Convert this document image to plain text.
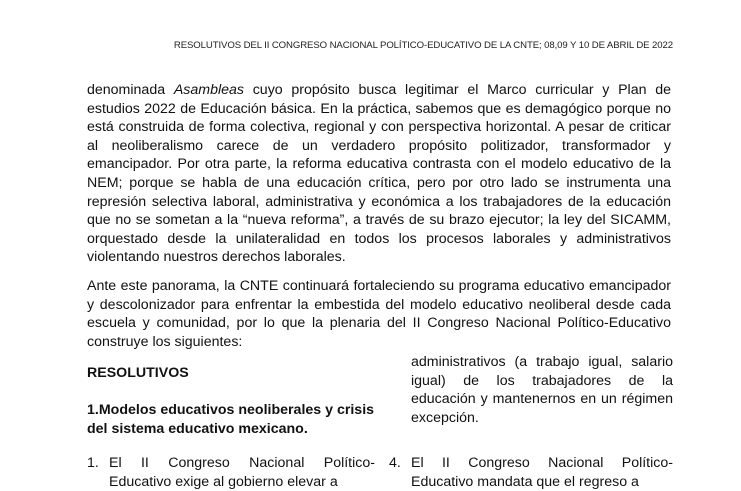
RESOLUTIVOS DEL II CONGRESO NACIONAL POLÍTICO-EDUCATIVO DE LA CNTE; 08,09 Y 10 DE ABRIL DE 2022

denominada Asambleas cuyo propósito busca legitimar el Marco curricular y Plan de estudios 2022 de Educación básica. En la práctica, sabemos que es demagógico porque no está construida de forma colectiva, regional y con perspectiva horizontal. A pesar de criticar al neoliberalismo carece de un verdadero propósito politizador, transformador y emancipador. Por otra parte, la reforma educativa contrasta con el modelo educativo de la NEM; porque se habla de una educación crítica, pero por otro lado se instrumenta una represión selectiva laboral, administrativa y económica a los trabajadores de la educación que no se sometan a la “nueva reforma”, a través de su brazo ejecutor; la ley del SICAMM, orquestado desde la unilateralidad en todos los procesos laborales y administrativos violentando nuestros derechos laborales.

Ante este panorama, la CNTE continuará fortaleciendo su programa educativo emancipador y descolonizador para enfrentar la embestida del modelo educativo neoliberal desde cada escuela y comunidad, por lo que la plenaria del II Congreso Nacional Político-Educativo construye los siguientes:

RESOLUTIVOS

1.Modelos educativos neoliberales y crisis del sistema educativo mexicano.

1. El II Congreso Nacional Político-Educativo exige al gobierno elevar a
administrativos (a trabajo igual, salario
igual) de los trabajadores de la
educación y mantenernos en un régimen
excepción.
4. El II Congreso Nacional Político-Educativo mandata que el regreso a
